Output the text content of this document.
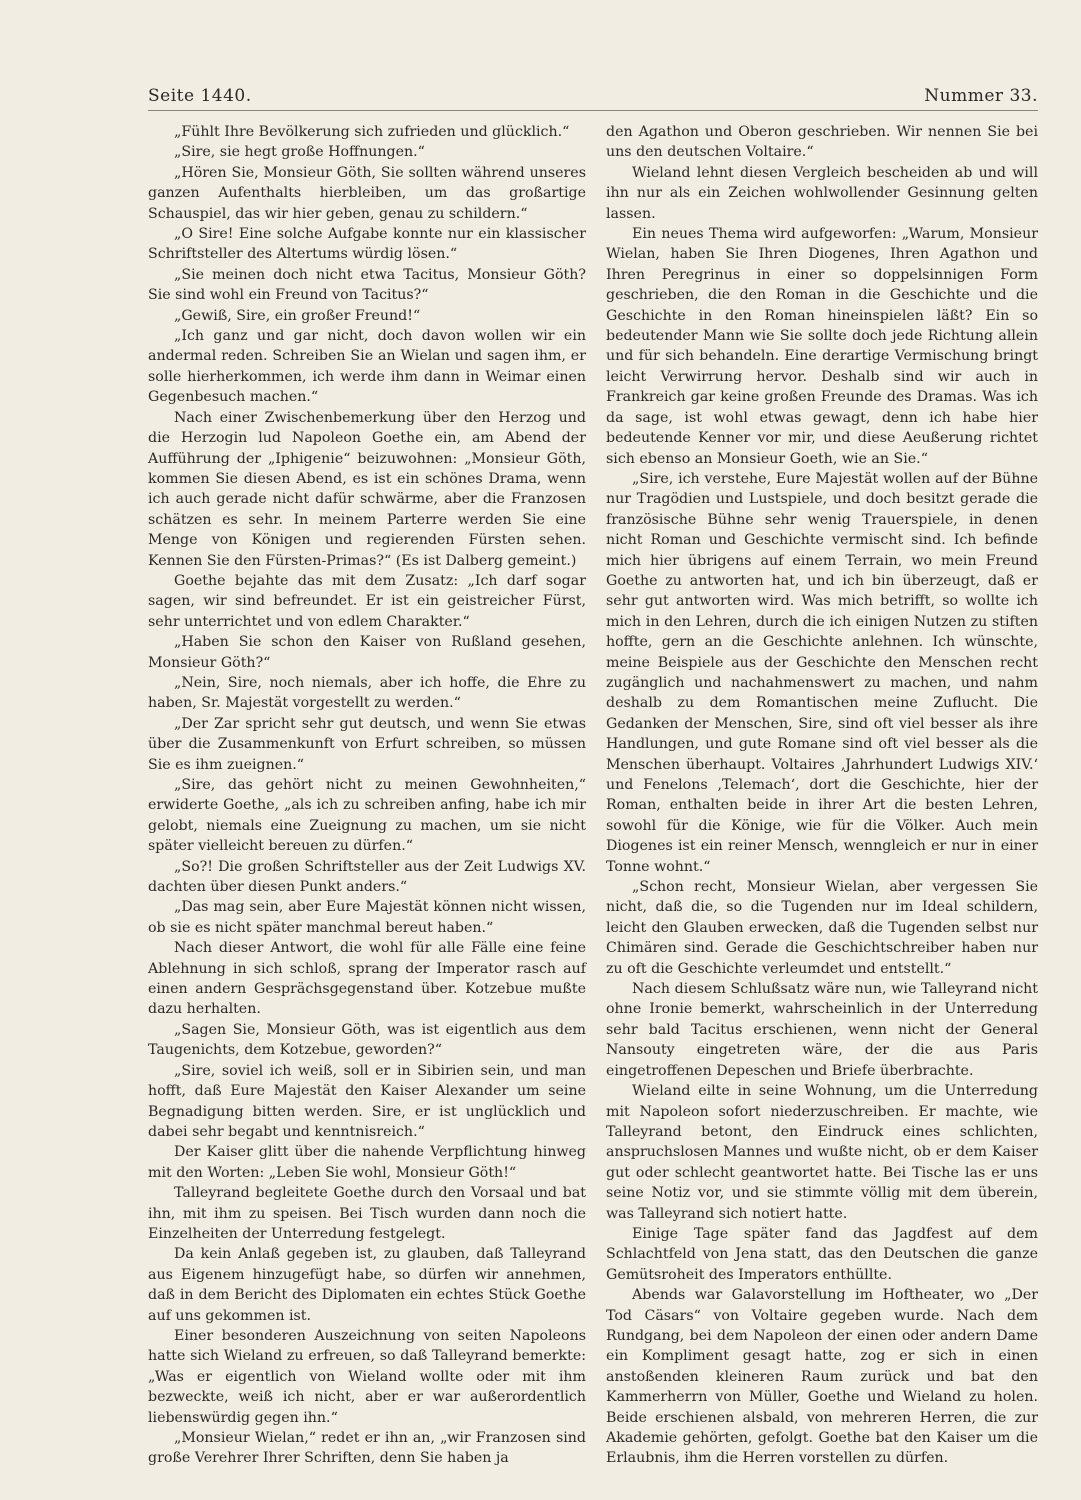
Seite 1440.	Nummer 33.

„Fühlt Ihre Bevölkerung sich zufrieden und glücklich.“

„Sire, sie hegt große Hoffnungen.“

„Hören Sie, Monsieur Göth, Sie sollten während unseres ganzen Aufenthalts hierbleiben, um das großartige Schauspiel, das wir hier geben, genau zu schildern.“

„O Sire! Eine solche Aufgabe konnte nur ein klassischer Schriftsteller des Altertums würdig lösen.“

„Sie meinen doch nicht etwa Tacitus, Monsieur Göth? Sie sind wohl ein Freund von Tacitus?“

„Gewiß, Sire, ein großer Freund!“

„Ich ganz und gar nicht, doch davon wollen wir ein andermal reden. Schreiben Sie an Wielan und sagen ihm, er solle hierherkommen, ich werde ihm dann in Weimar einen Gegenbesuch machen.“

Nach einer Zwischenbemerkung über den Herzog und die Herzogin lud Napoleon Goethe ein, am Abend der Aufführung der „Iphigenie“ beizuwohnen: „Monsieur Göth, kommen Sie diesen Abend, es ist ein schönes Drama, wenn ich auch gerade nicht dafür schwärme, aber die Franzosen schätzen es sehr. In meinem Parterre werden Sie eine Menge von Königen und regierenden Fürsten sehen. Kennen Sie den Fürsten-Primas?“ (Es ist Dalberg gemeint.)

Goethe bejahte das mit dem Zusatz: „Ich darf sogar sagen, wir sind befreundet. Er ist ein geistreicher Fürst, sehr unterrichtet und von edlem Charakter.“

„Haben Sie schon den Kaiser von Rußland gesehen, Monsieur Göth?“

„Nein, Sire, noch niemals, aber ich hoffe, die Ehre zu haben, Sr. Majestät vorgestellt zu werden.“

„Der Zar spricht sehr gut deutsch, und wenn Sie etwas über die Zusammenkunft von Erfurt schreiben, so müssen Sie es ihm zueignen.“

„Sire, das gehört nicht zu meinen Gewohnheiten,“ erwiderte Goethe, „als ich zu schreiben anfing, habe ich mir gelobt, niemals eine Zueignung zu machen, um sie nicht später vielleicht bereuen zu dürfen.“

„So?! Die großen Schriftsteller aus der Zeit Ludwigs XV. dachten über diesen Punkt anders.“

„Das mag sein, aber Eure Majestät können nicht wissen, ob sie es nicht später manchmal bereut haben.“

Nach dieser Antwort, die wohl für alle Fälle eine feine Ablehnung in sich schloß, sprang der Imperator rasch auf einen andern Gesprächsgegenstand über. Kotzebue mußte dazu herhalten.

„Sagen Sie, Monsieur Göth, was ist eigentlich aus dem Taugenichts, dem Kotzebue, geworden?“

„Sire, soviel ich weiß, soll er in Sibirien sein, und man hofft, daß Eure Majestät den Kaiser Alexander um seine Begnadigung bitten werden. Sire, er ist unglücklich und dabei sehr begabt und kenntnisreich.“

Der Kaiser glitt über die nahende Verpflichtung hinweg mit den Worten: „Leben Sie wohl, Monsieur Göth!“

Talleyrand begleitete Goethe durch den Vorsaal und bat ihn, mit ihm zu speisen. Bei Tisch wurden dann noch die Einzelheiten der Unterredung festgelegt.

Da kein Anlaß gegeben ist, zu glauben, daß Talleyrand aus Eigenem hinzugefügt habe, so dürfen wir annehmen, daß in dem Bericht des Diplomaten ein echtes Stück Goethe auf uns gekommen ist.

Einer besonderen Auszeichnung von seiten Napoleons hatte sich Wieland zu erfreuen, so daß Talleyrand bemerkte: „Was er eigentlich von Wieland wollte oder mit ihm bezweckte, weiß ich nicht, aber er war außerordentlich liebenswürdig gegen ihn.“

„Monsieur Wielan,“ redet er ihn an, „wir Franzosen sind große Verehrer Ihrer Schriften, denn Sie haben ja

den Agathon und Oberon geschrieben. Wir nennen Sie bei uns den deutschen Voltaire.“

Wieland lehnt diesen Vergleich bescheiden ab und will ihn nur als ein Zeichen wohlwollender Gesinnung gelten lassen.

Ein neues Thema wird aufgeworfen: „Warum, Monsieur Wielan, haben Sie Ihren Diogenes, Ihren Agathon und Ihren Peregrinus in einer so doppelsinnigen Form geschrieben, die den Roman in die Geschichte und die Geschichte in den Roman hineinspielen läßt? Ein so bedeutender Mann wie Sie sollte doch jede Richtung allein und für sich behandeln. Eine derartige Vermischung bringt leicht Verwirrung hervor. Deshalb sind wir auch in Frankreich gar keine großen Freunde des Dramas. Was ich da sage, ist wohl etwas gewagt, denn ich habe hier bedeutende Kenner vor mir, und diese Aeußerung richtet sich ebenso an Monsieur Goeth, wie an Sie.“

„Sire, ich verstehe, Eure Majestät wollen auf der Bühne nur Tragödien und Lustspiele, und doch besitzt gerade die französische Bühne sehr wenig Trauerspiele, in denen nicht Roman und Geschichte vermischt sind. Ich befinde mich hier übrigens auf einem Terrain, wo mein Freund Goethe zu antworten hat, und ich bin überzeugt, daß er sehr gut antworten wird. Was mich betrifft, so wollte ich mich in den Lehren, durch die ich einigen Nutzen zu stiften hoffte, gern an die Geschichte anlehnen. Ich wünschte, meine Beispiele aus der Geschichte den Menschen recht zugänglich und nachahmenswert zu machen, und nahm deshalb zu dem Romantischen meine Zuflucht. Die Gedanken der Menschen, Sire, sind oft viel besser als ihre Handlungen, und gute Romane sind oft viel besser als die Menschen überhaupt. Voltaires ‚Jahrhundert Ludwigs XIV.‘ und Fenelons ‚Telemach‘, dort die Geschichte, hier der Roman, enthalten beide in ihrer Art die besten Lehren, sowohl für die Könige, wie für die Völker. Auch mein Diogenes ist ein reiner Mensch, wenngleich er nur in einer Tonne wohnt.“

„Schon recht, Monsieur Wielan, aber vergessen Sie nicht, daß die, so die Tugenden nur im Ideal schildern, leicht den Glauben erwecken, daß die Tugenden selbst nur Chimären sind. Gerade die Geschichtschreiber haben nur zu oft die Geschichte verleumdet und entstellt.“

Nach diesem Schlußsatz wäre nun, wie Talleyrand nicht ohne Ironie bemerkt, wahrscheinlich in der Unterredung sehr bald Tacitus erschienen, wenn nicht der General Nansouty eingetreten wäre, der die aus Paris eingetroffenen Depeschen und Briefe überbrachte.

Wieland eilte in seine Wohnung, um die Unterredung mit Napoleon sofort niederzuschreiben. Er machte, wie Talleyrand betont, den Eindruck eines schlichten, anspruchslosen Mannes und wußte nicht, ob er dem Kaiser gut oder schlecht geantwortet hatte. Bei Tische las er uns seine Notiz vor, und sie stimmte völlig mit dem überein, was Talleyrand sich notiert hatte.

Einige Tage später fand das Jagdfest auf dem Schlachtfeld von Jena statt, das den Deutschen die ganze Gemütsroheit des Imperators enthüllte.

Abends war Galavorstellung im Hoftheater, wo „Der Tod Cäsars“ von Voltaire gegeben wurde. Nach dem Rundgang, bei dem Napoleon der einen oder andern Dame ein Kompliment gesagt hatte, zog er sich in einen anstoßenden kleineren Raum zurück und bat den Kammerherrn von Müller, Goethe und Wieland zu holen. Beide erschienen alsbald, von mehreren Herren, die zur Akademie gehörten, gefolgt. Goethe bat den Kaiser um die Erlaubnis, ihm die Herren vorstellen zu dürfen.
